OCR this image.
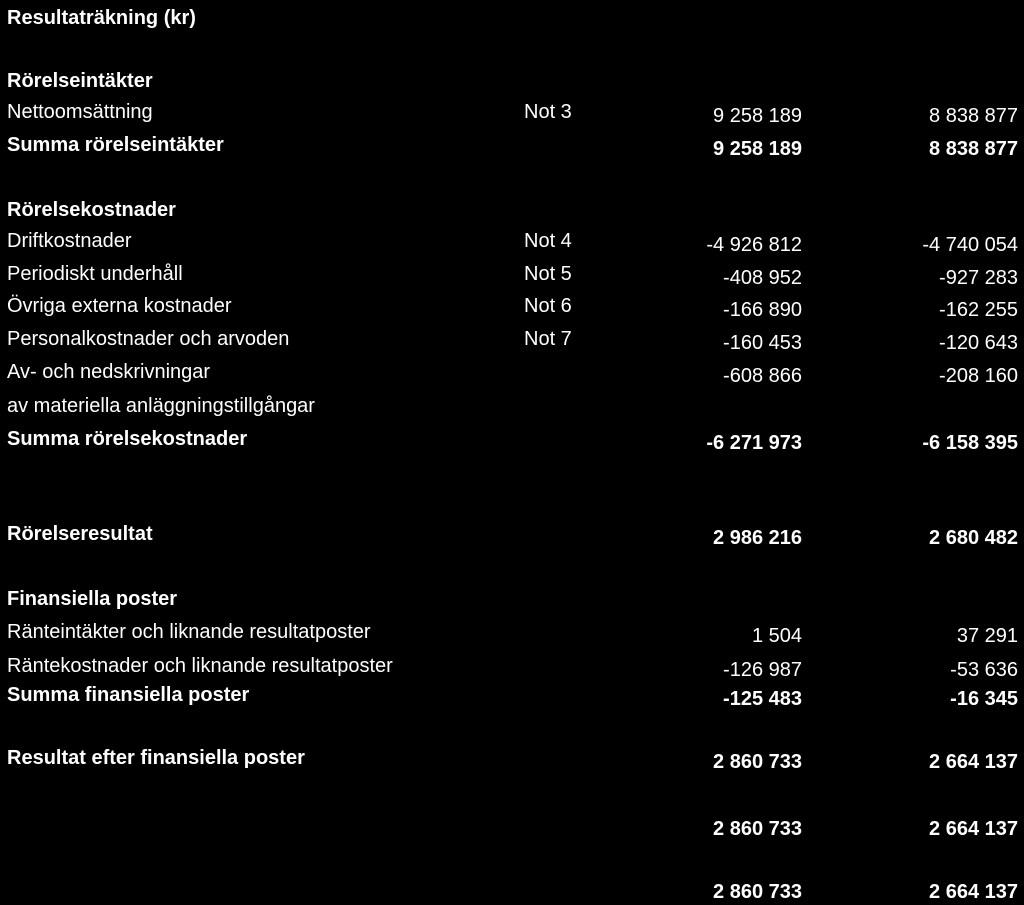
Resultaträkning (kr)
Rörelseintäkter
Nettoomsättning	Not 3	9 258 189	8 838 877
Summa rörelseintäkter	9 258 189	8 838 877
Rörelsekostnader
Driftkostnader	Not 4	-4 926 812	-4 740 054
Periodiskt underhåll	Not 5	-408 952	-927 283
Övriga externa kostnader	Not 6	-166 890	-162 255
Personalkostnader och arvoden	Not 7	-160 453	-120 643
Av- och nedskrivningar	-608 866	-208 160
av materiella anläggningstillgångar
Summa rörelsekostnader	-6 271 973	-6 158 395
Rörelseresultat	2 986 216	2 680 482
Finansiella poster
Ränteintäkter och liknande resultatposter	1 504	37 291
Räntekostnader och liknande resultatposter	-126 987	-53 636
Summa finansiella poster	-125 483	-16 345
Resultat efter finansiella poster	2 860 733	2 664 137
2 860 733	2 664 137
2 860 733	2 664 137
